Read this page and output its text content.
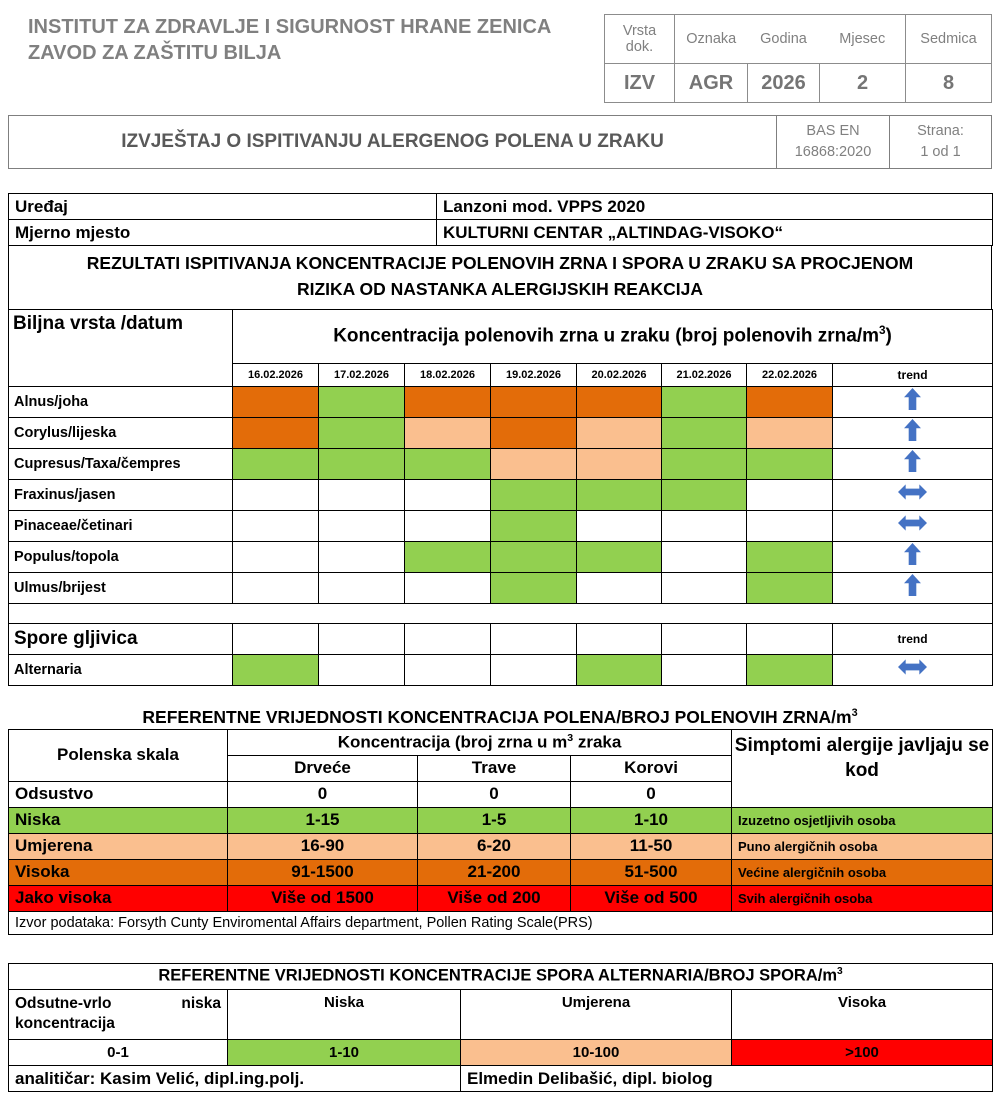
INSTITUT ZA ZDRAVLJE I SIGURNOST HRANE ZENICA
ZAVOD ZA ZAŠTITU BILJA
Vrsta dok.	Oznaka	Godina	Mjesec	Sedmica
IZV	AGR	2026	2	8
IZVJEŠTAJ O ISPITIVANJU ALERGENOG POLENA U ZRAKU
BAS EN
16868:2020
Strana:
1 od 1
Uređaj	Lanzoni mod. VPPS 2020
Mjerno mjesto	KULTURNI CENTAR „ALTINDAG-VISOKO“
REZULTATI ISPITIVANJA KONCENTRACIJE POLENOVIH ZRNA I SPORA U ZRAKU SA PROCJENOM RIZIKA OD NASTANKA ALERGIJSKIH REAKCIJA
Biljna vrsta /datum	Koncentracija polenovih zrna u zraku (broj polenovih zrna/$m^3$)							
	16.02.2026	17.02.2026	18.02.2026	19.02.2026	20.02.2026	21.02.2026	22.02.2026	trend
Alnus/joha								
Corylus/lijeska								
Cupresus/Taxa/čempres								
Fraxinus/jasen								
Pinaceae/četinari								
Populus/topola								
Ulmus/brijest								

Spore gljivica								trend
Alternaria								
REFERENTNE VRIJEDNOSTI KONCENTRACIJA POLENA/BROJ POLENOVIH ZRNA/$m^3$
Polenska skala	Koncentracija (broj zrna u $m^3$ zraka			Simptomi alergije javljaju se kod
	Drveće	Trave	Korovi	
Odsustvo	0	0	0	
Niska	1-15	1-5	1-10	Izuzetno osjetljivih osoba
Umjerena	16-90	6-20	11-50	Puno alergičnih osoba
Visoka	91-1500	21-200	51-500	Većine alergičnih osoba
Jako visoka	Više od 1500	Više od 200	Više od 500	Svih alergičnih osoba
Izvor podataka: Forsyth Cunty Enviromental Affairs department, Pollen Rating Scale(PRS)				
REFERENTNE VRIJEDNOSTI KONCENTRACIJE SPORA ALTERNARIA/BROJ SPORA/$m^3$

Odsutne-vrlo niska
koncentracija	Niska	Umjerena	Visoka
0-1	1-10	10-100	>100
analitičar: Kasim Velić, dipl.ing.polj.		Elmedin Delibašić, dipl. biolog	
